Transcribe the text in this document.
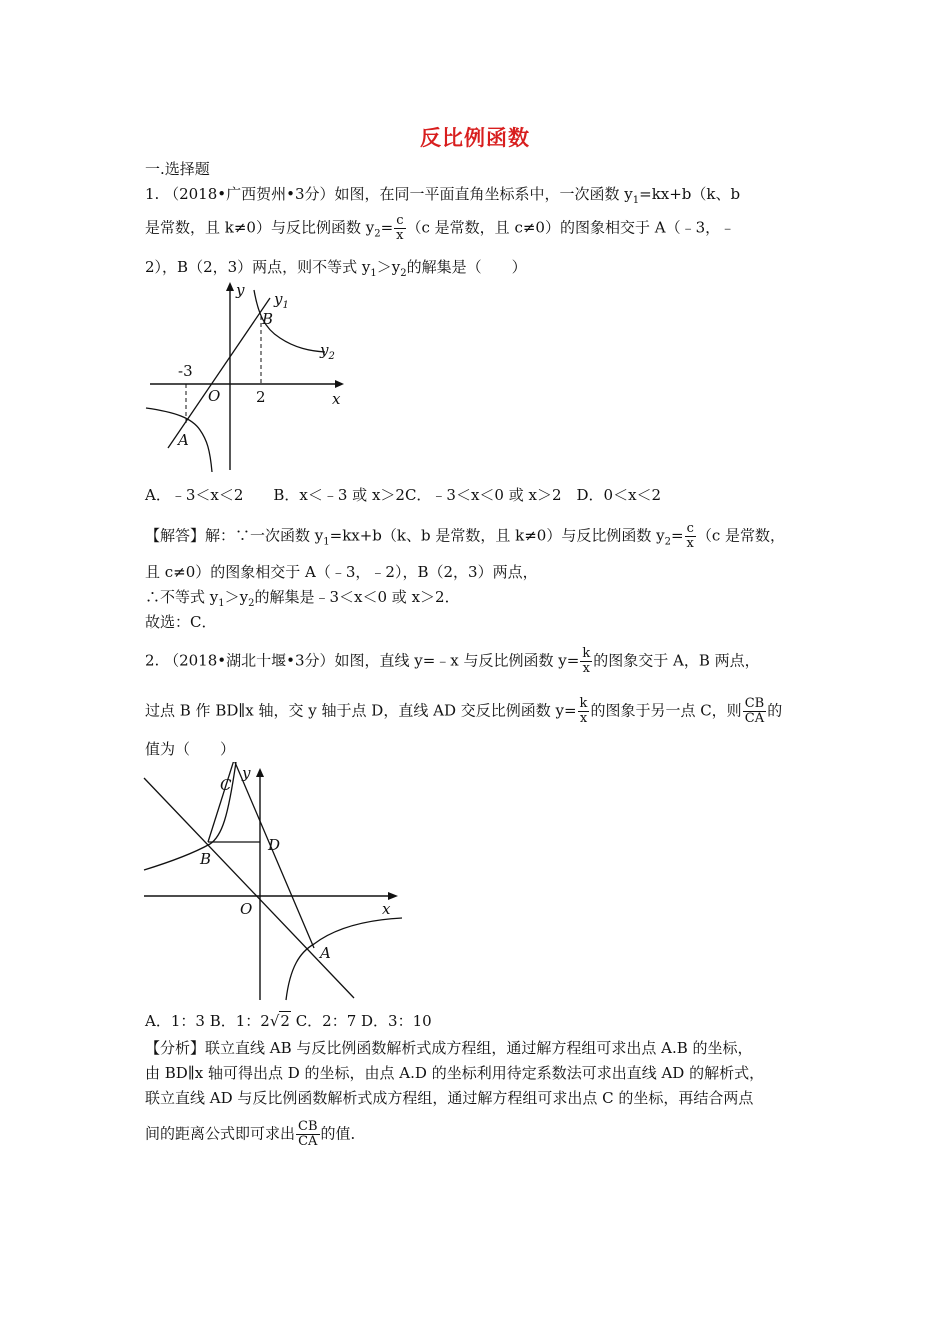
反比例函数
一.选择题
1. （2018•广西贺州•3分）如图，在同一平面直角坐标系中，一次函数 $y_1=kx+b(k$、b
是常数，且 k≠0）与反比例函数 $y_2= \frac{c}{x} (c$ 是常数，且 c≠0）的图象相交于 A（﹣3，﹣
2），B（2，3）两点，则不等式 $y_1>y_2$的解集是（　　）
y
x
O
$y_1$
$y_2$
B
A
-3
2
A．﹣3＜x＜2　　B．x＜﹣3 或 x＞2C．﹣3＜x＜0 或 x＞2　D．0＜x＜2
【解答】解：∵一次函数 $y_1=kx+b(k$、b 是常数，且 k≠0）与反比例函数 $y_2= \frac{c}{x} (c$ 是常数，
且 c≠0）的图象相交于 A（﹣3，﹣2），B（2，3）两点，
∴不等式 $y_1>y_2$的解集是﹣3＜x＜0 或 x＞2．
故选：C．
2. （2018•湖北十堰•3分）如图，直线 y=﹣x 与反比例函数 $y= \frac{k}{x}$ 的图象交于 A，B 两点，
过点 B 作 BD∥x 轴，交 y 轴于点 D，直线 AD 交反比例函数 $y= \frac{k}{x}$ 的图象于另一点 C，则 $\frac{CB}{CA}$ 的
值为（　　）
C
y
B
D
O	x
A
A．1：3 B．1：2√2 C．2：7 D．3：10
【分析】联立直线 AB 与反比例函数解析式成方程组，通过解方程组可求出点 A.B 的坐标，
由 BD∥x 轴可得出点 D 的坐标，由点 A.D 的坐标利用待定系数法可求出直线 AD 的解析式，
联立直线 AD 与反比例函数解析式成方程组，通过解方程组可求出点 C 的坐标，再结合两点
间的距离公式即可求出 $\frac{CB}{CA}$ 的值．
